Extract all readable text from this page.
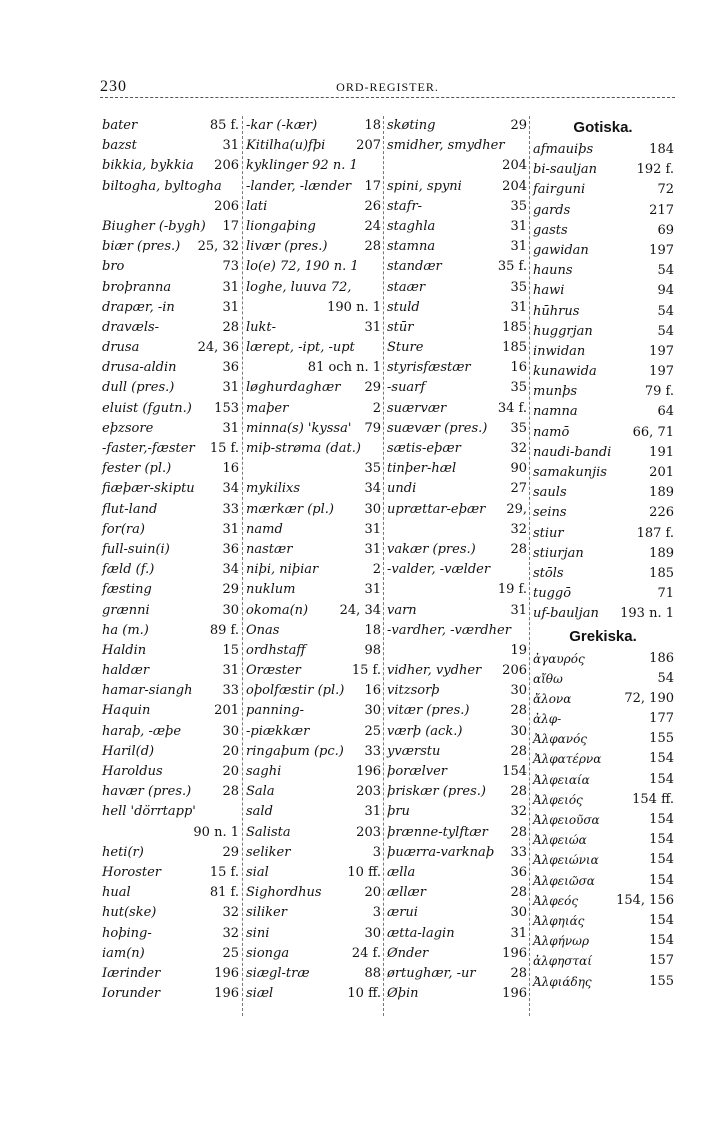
230	ORD-REGISTER.
bater	85 f.
bazst	31
bikkia, bykkia 206
biltogha, byltogha
206
Biugher (-bygh) 17
biær (pres.) 25, 32
bro	73
broþranna	31
drapær, -in	31
dravæls-	28
drusa	24, 36
drusa-aldin	36
dull (pres.)	31
eluist (fgutn.) 153
eþzsore	31
-faster,-fæster 15 f.
fester (pl.)	16
fiæþær-skiptu 34
flut-land	33
for(ra)	31
full-suin(i)	36
fæld (f.)	34
fæsting	29
grænni	30
ha (m.)	89 f.
Haldin	15
haldær	31
hamar-siangh 33
Haquin	201
haraþ, -æþe	30
Haril(d)	20
Haroldus	20
havær (pres.) 28
hell 'dörrtapp'
90 n. 1
heti(r)	29
Horoster	15 f.
hual	81 f.
hut(ske)	32
hoþing-	32
iam(n)	25
Iærinder	196
Iorunder	196
-kar (-kær)	18
Kitilha(u)fþi 207
kyklinger 92 n. 1
-lander, -lænder 17
lati	26
liongaþing	24
livær (pres.)	28
lo(e) 72, 190 n. 1
loghe, luuva 72,
190 n. 1
lukt-	31
lærept, -ipt, -upt
81 och n. 1
løghurdaghær 29
maþer	2
minna(s) 'kyssa' 79
miþ-strøma (dat.)
35
mykilixs	34
mærkær (pl.) 30
namd	31
nastær	31
niþi, niþiar	2
nuklum	31
okoma(n) 24, 34
Onas	18
ordhstaff	98
Oræster	15 f.
oþolfæstir (pl.) 16
panning-	30
-piækkær	25
ringaþum (pc.) 33
saghi	196
Sala	203
sald	31
Salista	203
seliker	3
sial	10 ff.
Sighordhus	20
siliker	3
sini	30
sionga	24 f.
siægl-træ	88
siæl	10 ff.
skøting	29
smidher, smydher
204
spini, spyni	204
stafr-	35
staghla	31
stamna	31
standær	35 f.
staær	35
stuld	31
stūr	185
Sture	185
styrisfæstær	16
-suarf	35
suærvær	34 f.
suævær (pres.) 35
sætis-eþær	32
tinþer-hæl	90
undi	27
uprættar-eþær 29,
32
vakær (pres.)	28
-valder, -vælder
19 f.
varn	31
-vardher, -værdher
19
vidher, vydher 206
vitzsorþ	30
vitær (pres.)	28
værþ (ack.)	30
yværstu	28
þorælver	154
þriskær (pres.) 28
þru	32
þrænne-tylftær 28
þuærra-varknaþ 33
ælla	36
ællær	28
ærui	30
ætta-lagin	31
Ønder	196
ørtughær, -ur	28
Øþin	196
Gotiska.
afmauiþs	184
bi-sauljan	192 f.
fairguni	72
gards	217
gasts	69
gawidan	197
hauns	54
hawi	94
hūhrus	54
huggrjan	54
inwidan	197
kunawida	197
munþs	79 f.
namna	64
namō	66, 71
naudi-bandi	191
samakunjis	201
sauls	189
seins	226
stiur	187 f.
stiurjan	189
stōls	185
tuggō	71
uf-bauljan 193 n. 1
Grekiska.
ἀγαυρός	186
αἴθω	54
ἄλονα	72, 190
ἀλφ-	177
Ἀλφανός	155
Ἀλφατέρνα	154
Ἀλφειαία	154
Ἀλφειός	154 ff.
Ἀλφειοῦσα	154
Ἀλφειώα	154
Ἀλφειώνια	154
Ἀλφειῶσα	154
Ἀλφεός	154, 156
Ἀλφηιάς	154
Ἀλφήνωρ	154
ἀλφησταί	157
Ἀλφιάδης	155
